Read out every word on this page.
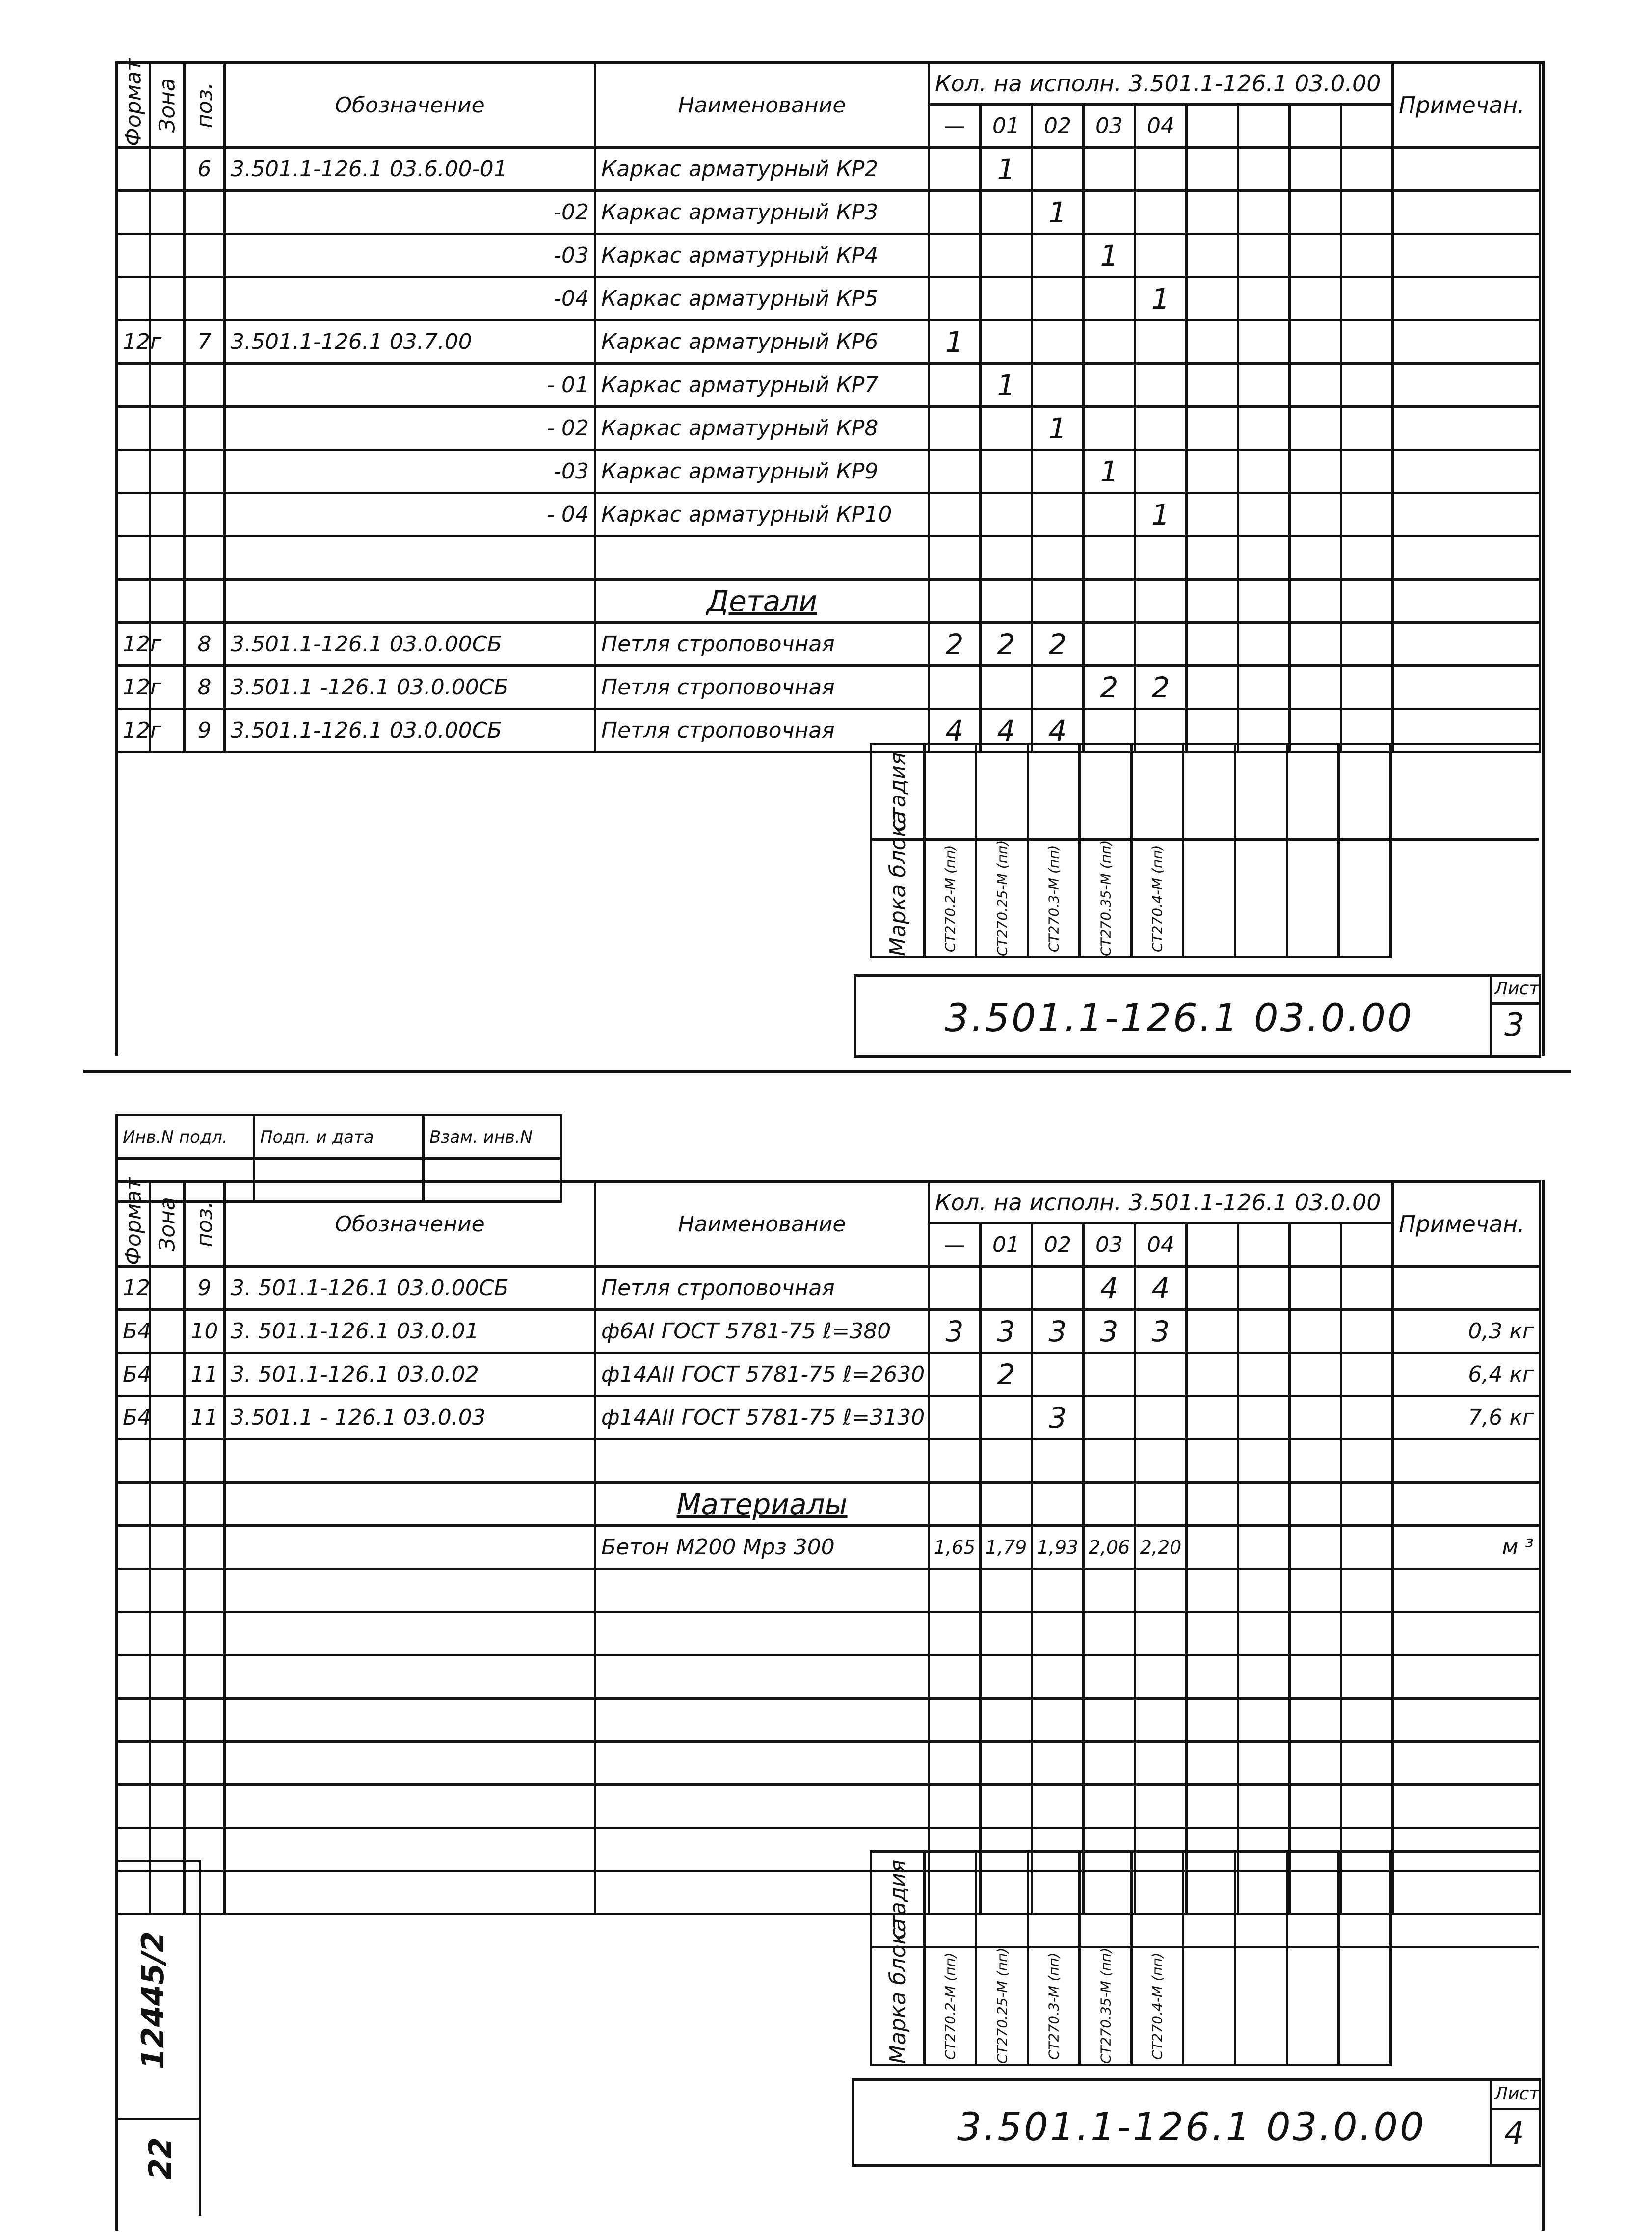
Формат	Зона	поз.	Обозначение	Наименование	Кол. на исполн. 3.501.1-126.1 03.0.00									Примечан.
					—	01	02	03	04					
		6	3.501.1-126.1 03.6.00-01	Каркас арматурный КР2		1								
			-02	Каркас арматурный КР3			1							
			-03	Каркас арматурный КР4				1						
			-04	Каркас арматурный КР5					1					
12г		7	3.501.1-126.1 03.7.00	Каркас арматурный КР6	1									
			- 01	Каркас арматурный КР7		1								
			- 02	Каркас арматурный КР8			1							
			-03	Каркас арматурный КР9				1						
			- 04	Каркас арматурный КР10					1					

				Детали										
12г		8	3.501.1-126.1 03.0.00СБ	Петля строповочная	2	2	2							
12г		8	3.501.1 -126.1 03.0.00СБ	Петля строповочная				2	2					
12г		9	3.501.1-126.1 03.0.00СБ	Петля строповочная	4	4	4							
стадия										
Марка блока	СТ270.2-М (пп)	СТ270.25-М (пп)	СТ270.3-М (пп)	СТ270.35-М (пп)	СТ270.4-М (пп)					
3.501.1-126.1 03.0.00
Лист
3
Инв.N подл.	Подп. и дата	Взам. инв.N

Формат	Зона	поз.	Обозначение	Наименование	Кол. на исполн. 3.501.1-126.1 03.0.00									Примечан.
					—	01	02	03	04					
12		9	3. 501.1-126.1 03.0.00СБ	Петля строповочная				4	4					
Б4		10	3. 501.1-126.1 03.0.01	ф6АI ГОСТ 5781-75 ℓ=380	3	3	3	3	3					0,3 кг
Б4		11	3. 501.1-126.1 03.0.02	ф14АII ГОСТ 5781-75 ℓ=2630		2								6,4 кг
Б4		11	3.501.1 - 126.1 03.0.03	ф14АII ГОСТ 5781-75 ℓ=3130			3							7,6 кг

				Материалы										
				Бетон М200 Мрз 300	1,65	1,79	1,93	2,06	2,20					м ³

стадия										
Марка блока	СТ270.2-М (пп)	СТ270.25-М (пп)	СТ270.3-М (пп)	СТ270.35-М (пп)	СТ270.4-М (пп)					
12445/2
22
3.501.1-126.1 03.0.00
Лист
4
